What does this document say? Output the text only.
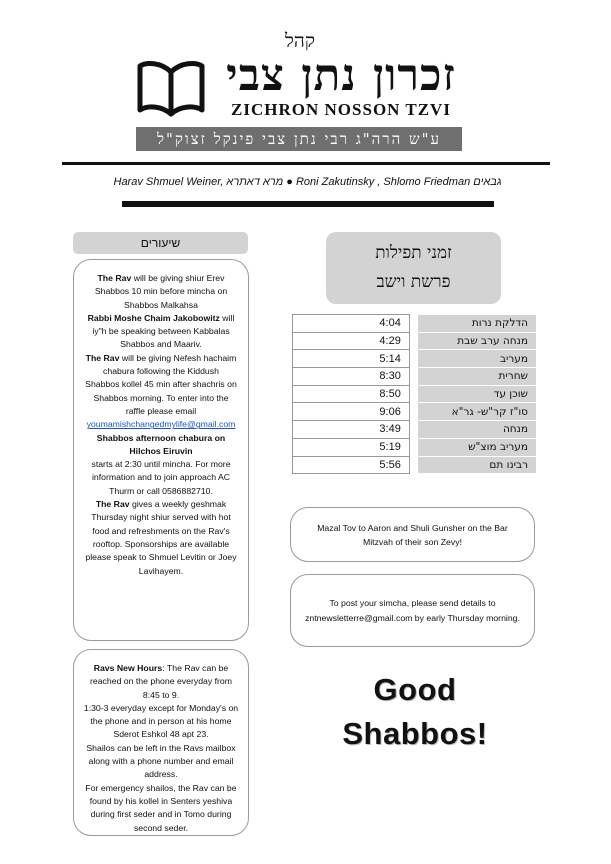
קהל
זכרון נתן צבי
ZICHRON NOSSON TZVI
ע"ש הרה"ג רבי נתן צבי פינקל זצוק"ל
Harav Shmuel Weiner, מרא דאתרא ● Roni Zakutinsky , Shlomo Friedman גבאים
שיעורים

The Rav will be giving shiur Erev Shabbos 10 min before mincha on Shabbos Malkahsa

Rabbi Moshe Chaim Jakobowitz will iy"h be speaking between Kabbalas Shabbos and Maariv.

The Rav will be giving Nefesh hachaim chabura following the Kiddush

Shabbos kollel 45 min after shachris on Shabbos morning. To enter into the raffle please email

youmamishchangedmylife@gmail.com

Shabbos afternoon chabura on Hilchos Eiruvin

starts at 2:30 until mincha. For more information and to join approach AC Thurm or call 0586882710.

The Rav gives a weekly geshmak Thursday night shiur served with hot food and refreshments on the Rav's rooftop. Sponsorships are available please speak to Shmuel Levitin or Joey Lavihayem.

Ravs New Hours: The Rav can be reached on the phone everyday from 8:45 to 9.

1:30-3 everyday except for Monday's on the phone and in person at his home Sderot Eshkol 48 apt 23.

Shailos can be left in the Ravs mailbox along with a phone number and email address.

For emergency shailos, the Rav can be found by his kollel in Senters yeshiva during first seder and in Tomo during second seder.

זמני תפילות
פרשת וישב
4:04		הדלקת נרות
4:29		מנחה ערב שבת
5:14		מעריב
8:30		שחרית
8:50		שוכן עד
9:06		סו"ז קר"ש- גר"א
3:49		מנחה
5:19		מעריב מוצ"ש
5:56		רבינו תם
Mazal Tov to Aaron and Shuli Gunsher on the Bar Mitzvah of their son Zevy!
To post your simcha, please send details to zntnewsletterre@gmail.com by early Thursday morning.
Good
Shabbos!
